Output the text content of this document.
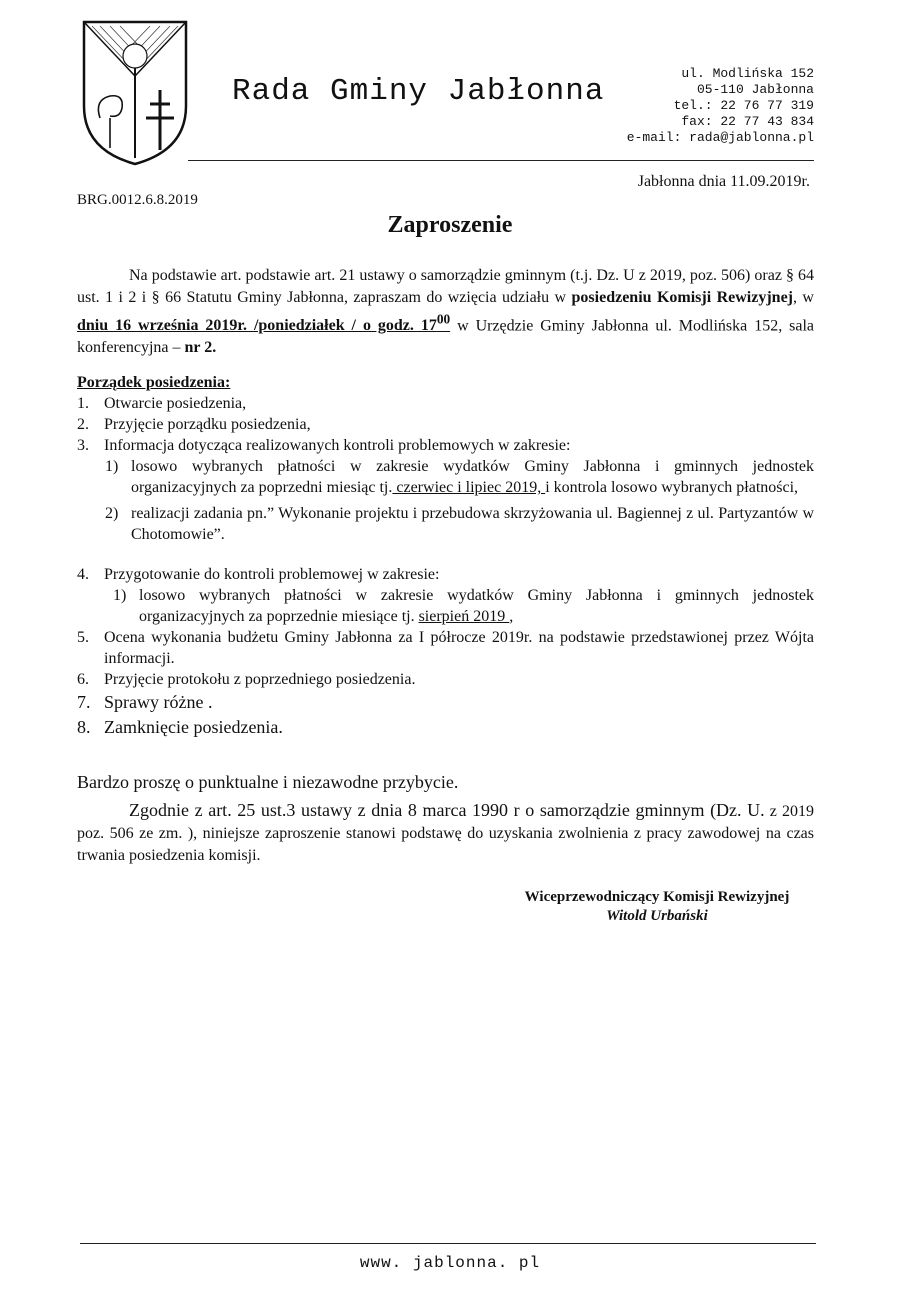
Rada Gminy Jabłonna
ul. Modlińska 152
05-110 Jabłonna
tel.: 22 76 77 319
fax: 22 77 43 834
e-mail: rada@jablonna.pl
Jabłonna dnia 11.09.2019r.
BRG.0012.6.8.2019
Zaproszenie

Na podstawie art. podstawie art. 21 ustawy o samorządzie gminnym (t.j. Dz. U z 2019, poz. 506) oraz § 64 ust. 1 i 2 i § 66 Statutu Gminy Jabłonna, zapraszam do wzięcia udziału w posiedzeniu Komisji Rewizyjnej, w dniu 16 września 2019r. /poniedziałek / o godz. $17^{00}$ w Urzędzie Gminy Jabłonna ul. Modlińska 152, sala konferencyjna – nr 2.

Porządek posiedzenia:
1. Otwarcie posiedzenia,
2. Przyjęcie porządku posiedzenia,
3. Informacja dotycząca realizowanych kontroli problemowych w zakresie:
1) losowo wybranych płatności w zakresie wydatków Gminy Jabłonna i gminnych jednostek organizacyjnych za poprzedni miesiąc tj. czerwiec i lipiec 2019, i kontrola losowo wybranych płatności,
2) realizacji zadania pn.” Wykonanie projektu i przebudowa skrzyżowania ul. Bagiennej z ul. Partyzantów w Chotomowie”.
4. Przygotowanie do kontroli problemowej w zakresie:
1) losowo wybranych płatności w zakresie wydatków Gminy Jabłonna i gminnych jednostek organizacyjnych za poprzednie miesiące tj. sierpień 2019 ,
5. Ocena wykonania budżetu Gminy Jabłonna za I półrocze 2019r. na podstawie przedstawionej przez Wójta informacji.
6. Przyjęcie protokołu z poprzedniego posiedzenia.
7. Sprawy różne .
8. Zamknięcie posiedzenia.

Bardzo proszę o punktualne i niezawodne przybycie.

Zgodnie z art. 25 ust.3 ustawy z dnia 8 marca 1990 r o samorządzie gminnym (Dz. U. z 2019 poz. 506 ze zm. ), niniejsze zaproszenie stanowi podstawę do uzyskania zwolnienia z pracy zawodowej na czas trwania posiedzenia komisji.

Wiceprzewodniczący Komisji Rewizyjnej
Witold Urbański
www. jablonna. pl
